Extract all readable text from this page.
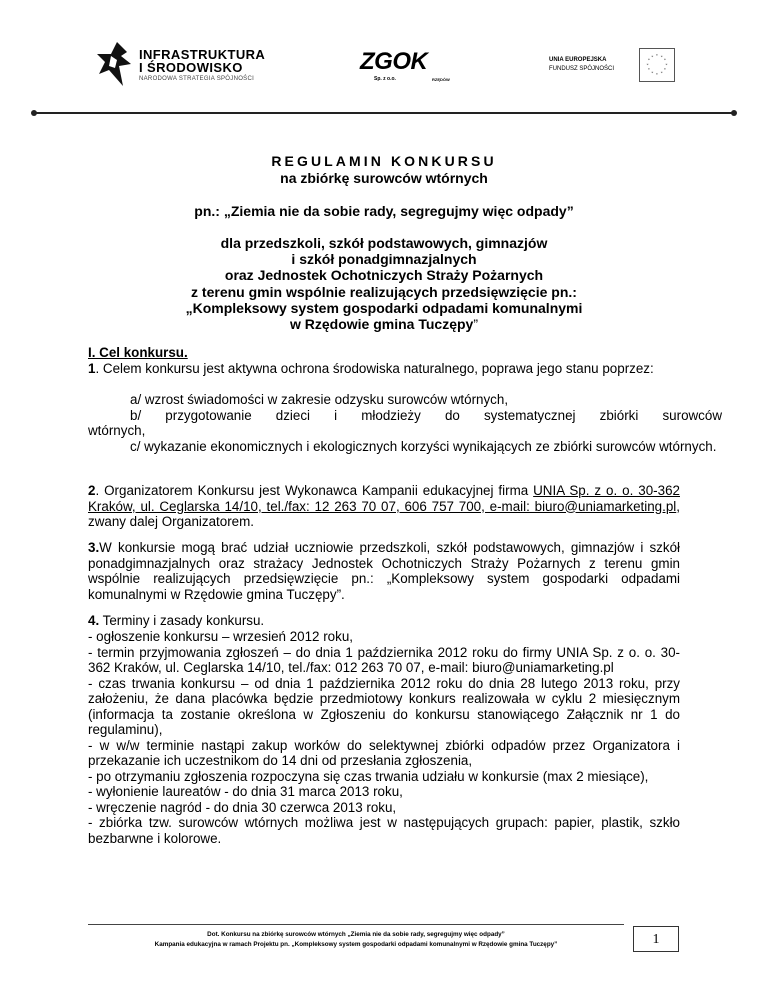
INFRASTRUKTURA
I ŚRODOWISKO
NARODOWA STRATEGIA SPÓJNOŚCI
ZGOK
Sp. z o.o.	RZĘDÓW
UNIA EUROPEJSKA
FUNDUSZ SPÓJNOŚCI
* *
*
*
*
*
*
*
*
*
*
*
REGULAMIN KONKURSU
na zbiórkę surowców wtórnych
pn.: „Ziemia nie da sobie rady, segregujmy więc odpady”
dla przedszkoli, szkół podstawowych, gimnazjów
i szkół ponadgimnazjalnych
oraz Jednostek Ochotniczych Straży Pożarnych
z terenu gmin wspólnie realizujących przedsięwzięcie pn.:
„Kompleksowy system gospodarki odpadami komunalnymi
w Rzędowie gmina Tuczępy”
I. Cel konkursu.
1. Celem konkursu jest aktywna ochrona środowiska naturalnego, poprawa jego stanu poprzez:
a/ wzrost świadomości w zakresie odzysku surowców wtórnych,
b/ przygotowanie dzieci i młodzieży do systematycznej zbiórki surowców
wtórnych,
c/ wykazanie ekonomicznych i ekologicznych korzyści wynikających ze zbiórki surowców wtórnych.
2. Organizatorem Konkursu jest Wykonawca Kampanii edukacyjnej firma UNIA Sp. z o. o. 30-362 Kraków, ul. Ceglarska 14/10, tel./fax: 12 263 70 07, 606 757 700, e-mail: biuro@uniamarketing.pl, zwany dalej Organizatorem.
3.W konkursie mogą brać udział uczniowie przedszkoli, szkół podstawowych, gimnazjów i szkół ponadgimnazjalnych oraz strażacy Jednostek Ochotniczych Straży Pożarnych z terenu gmin wspólnie realizujących przedsięwzięcie pn.: „Kompleksowy system gospodarki odpadami komunalnymi w Rzędowie gmina Tuczępy”.
4. Terminy i zasady konkursu.
- ogłoszenie konkursu – wrzesień 2012 roku,
- termin przyjmowania zgłoszeń – do dnia 1 października 2012 roku do firmy UNIA Sp. z o. o. 30-362 Kraków, ul. Ceglarska 14/10, tel./fax: 012 263 70 07, e-mail: biuro@uniamarketing.pl
- czas trwania konkursu – od dnia 1 października 2012 roku do dnia 28 lutego 2013 roku, przy założeniu, że dana placówka będzie przedmiotowy konkurs realizowała w cyklu 2 miesięcznym (informacja ta zostanie określona w Zgłoszeniu do konkursu stanowiącego Załącznik nr 1 do regulaminu),
- w w/w terminie nastąpi zakup worków do selektywnej zbiórki odpadów przez Organizatora i przekazanie ich uczestnikom do 14 dni od przesłania zgłoszenia,
- po otrzymaniu zgłoszenia rozpoczyna się czas trwania udziału w konkursie (max 2 miesiące),
- wyłonienie laureatów - do dnia 31 marca 2013 roku,
- wręczenie nagród - do dnia 30 czerwca 2013 roku,
- zbiórka tzw. surowców wtórnych możliwa jest w następujących grupach: papier, plastik, szkło bezbarwne i kolorowe.
Dot. Konkursu na zbiórkę surowców wtórnych „Ziemia nie da sobie rady, segregujmy więc odpady”
Kampania edukacyjna w ramach Projektu pn. „Kompleksowy system gospodarki odpadami komunalnymi w Rzędowie gmina Tuczępy”	1
